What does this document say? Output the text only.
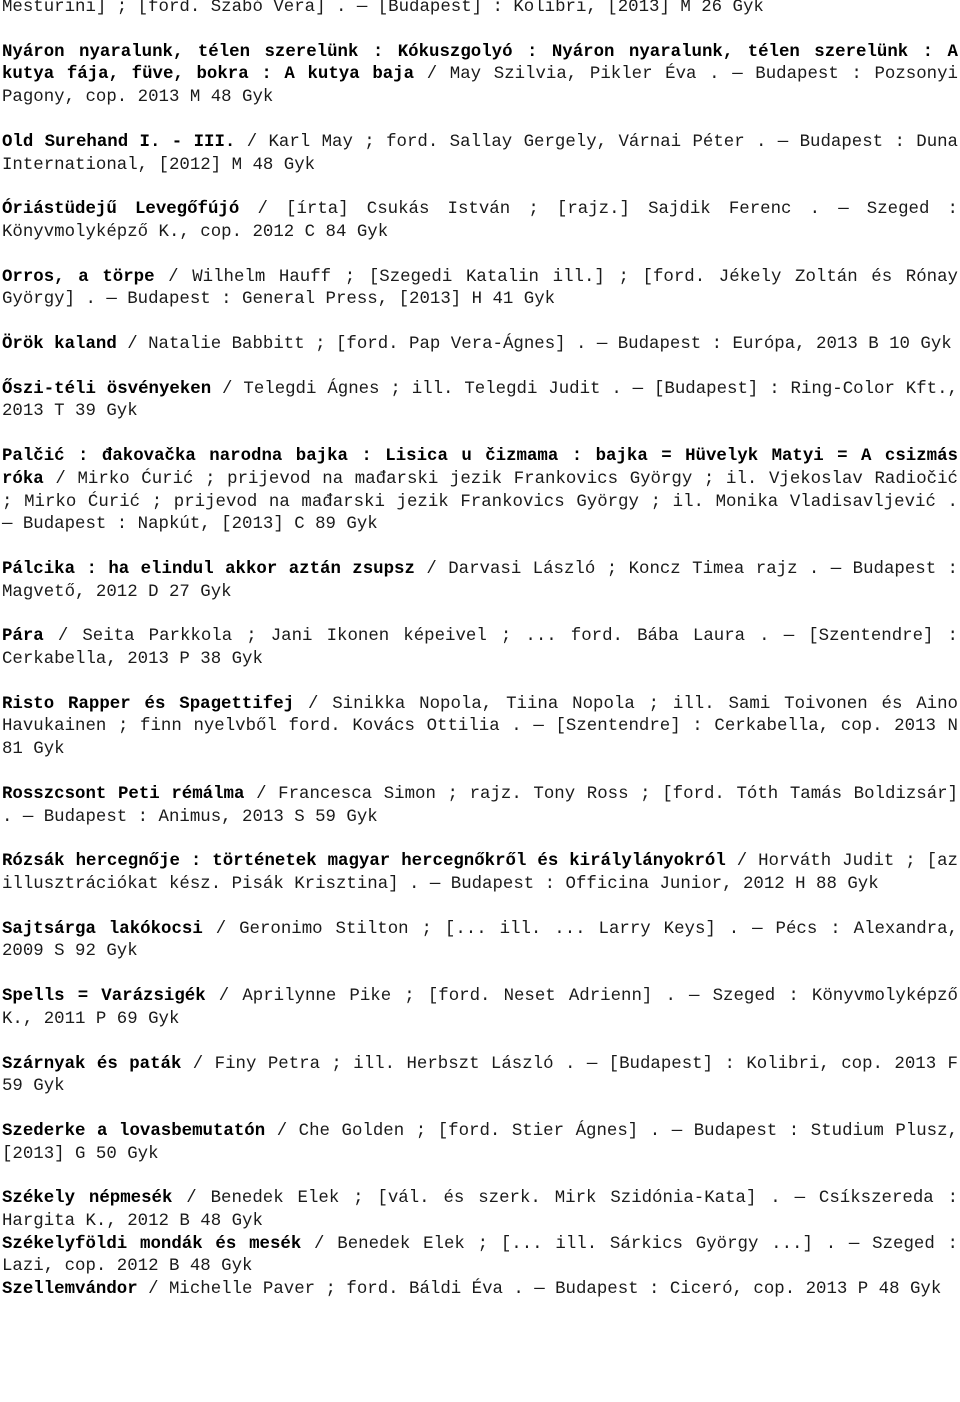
Mesturini] ; [ford. Szabó Vera] . — [Budapest] : Kolibri, [2013] M 26 Gyk

Nyáron nyaralunk, télen szerelünk : Kókuszgolyó : Nyáron nyaralunk, télen szerelünk : A kutya fája, füve, bokra : A kutya baja / May Szilvia, Pikler Éva . — Budapest : Pozsonyi Pagony, cop. 2013 M 48 Gyk

Old Surehand I. - III. / Karl May ; ford. Sallay Gergely, Várnai Péter . — Budapest : Duna International, [2012] M 48 Gyk

Óriástüdejű Levegőfújó / [írta] Csukás István ; [rajz.] Sajdik Ferenc . — Szeged : Könyvmolyképző K., cop. 2012 C 84 Gyk

Orros, a törpe / Wilhelm Hauff ; [Szegedi Katalin ill.] ; [ford. Jékely Zoltán és Rónay György] . — Budapest : General Press, [2013] H 41 Gyk

Örök kaland / Natalie Babbitt ; [ford. Pap Vera-Ágnes] . — Budapest : Európa, 2013 B 10 Gyk

Őszi-téli ösvényeken / Telegdi Ágnes ; ill. Telegdi Judit . — [Budapest] : Ring-Color Kft., 2013 T 39 Gyk

Palčić : đakovačka narodna bajka : Lisica u čizmama : bajka = Hüvelyk Matyi = A csizmás róka / Mirko Ćurić ; prijevod na mađarski jezik Frankovics György ; il. Vjekoslav Radiočić ; Mirko Ćurić ; prijevod na mađarski jezik Frankovics György ; il. Monika Vladisavljević . — Budapest : Napkút, [2013] C 89 Gyk

Pálcika : ha elindul akkor aztán zsupsz / Darvasi László ; Koncz Timea rajz . — Budapest : Magvető, 2012 D 27 Gyk

Pára / Seita Parkkola ; Jani Ikonen képeivel ; ... ford. Bába Laura . — [Szentendre] : Cerkabella, 2013 P 38 Gyk

Risto Rapper és Spagettifej / Sinikka Nopola, Tiina Nopola ; ill. Sami Toivonen és Aino Havukainen ; finn nyelvből ford. Kovács Ottilia . — [Szentendre] : Cerkabella, cop. 2013 N 81 Gyk

Rosszcsont Peti rémálma / Francesca Simon ; rajz. Tony Ross ; [ford. Tóth Tamás Boldizsár] . — Budapest : Animus, 2013 S 59 Gyk

Rózsák hercegnője : történetek magyar hercegnőkről és királylányokról / Horváth Judit ; [az illusztrációkat kész. Pisák Krisztina] . — Budapest : Officina Junior, 2012 H 88 Gyk

Sajtsárga lakókocsi / Geronimo Stilton ; [... ill. ... Larry Keys] . — Pécs : Alexandra, 2009 S 92 Gyk

Spells = Varázsigék / Aprilynne Pike ; [ford. Neset Adrienn] . — Szeged : Könyvmolyképző K., 2011 P 69 Gyk

Szárnyak és paták / Finy Petra ; ill. Herbszt László . — [Budapest] : Kolibri, cop. 2013 F 59 Gyk

Szederke a lovasbemutatón / Che Golden ; [ford. Stier Ágnes] . — Budapest : Studium Plusz, [2013] G 50 Gyk

Székely népmesék / Benedek Elek ; [vál. és szerk. Mirk Szidónia-Kata] . — Csíkszereda : Hargita K., 2012 B 48 Gyk

Székelyföldi mondák és mesék / Benedek Elek ; [... ill. Sárkics György ...] . — Szeged : Lazi, cop. 2012 B 48 Gyk

Szellemvándor / Michelle Paver ; ford. Báldi Éva . — Budapest : Ciceró, cop. 2013 P 48 Gyk
